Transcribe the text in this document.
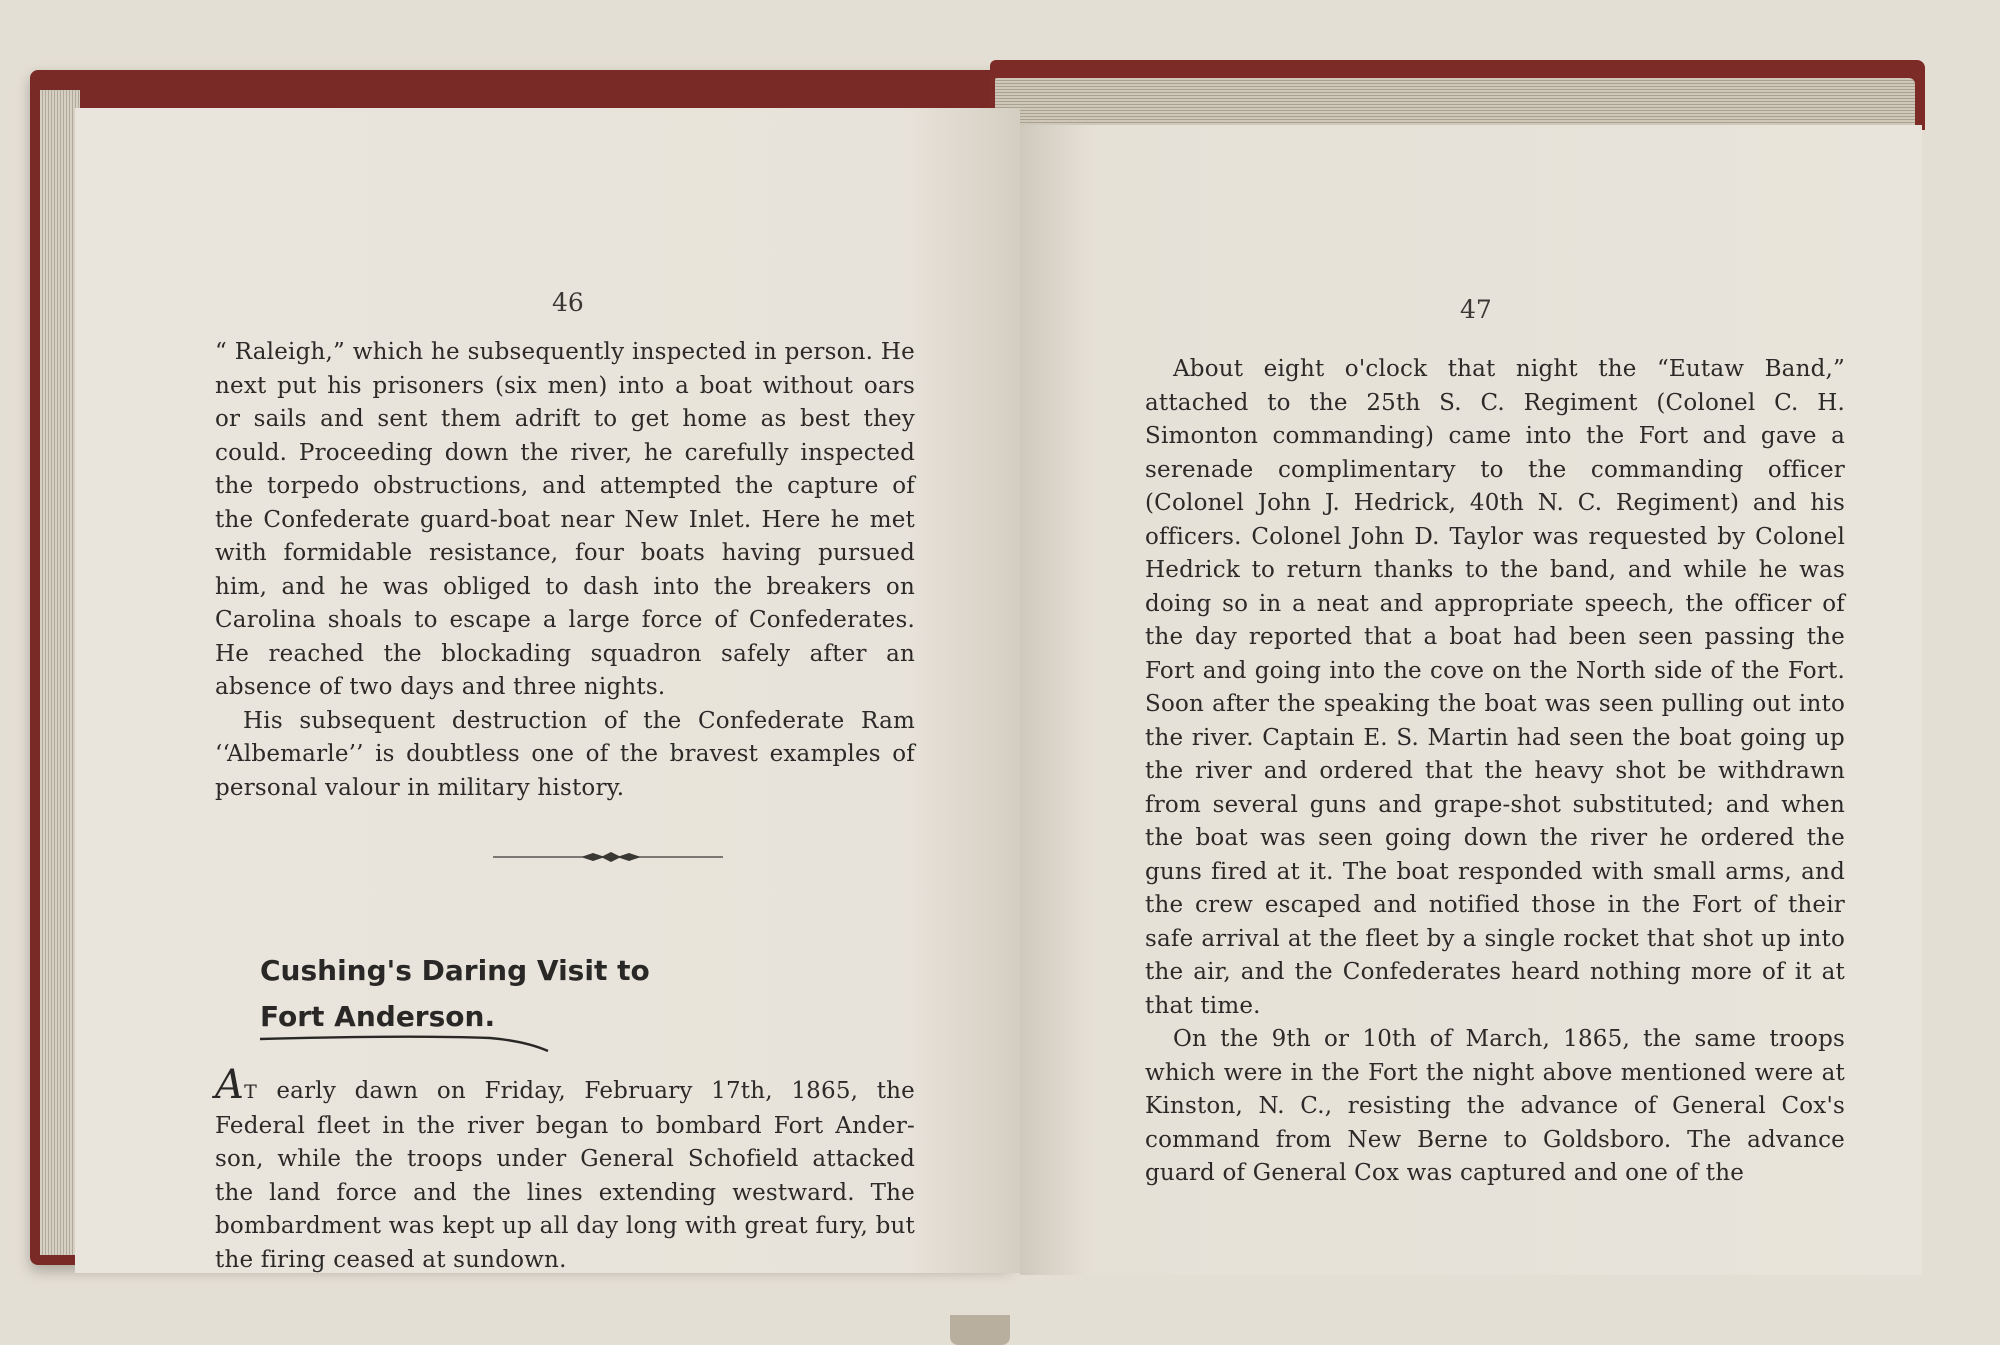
46

“ Raleigh,” which he subsequently inspected in person. He next put his prisoners (six men) into a boat without oars or sails and sent them adrift to get home as best they could. Proceeding down the river, he carefully inspected the torpedo obstructions, and attempted the capture of the Confederate guard-boat near New Inlet. Here he met with formidable resistance, four boats having pursued him, and he was obliged to dash into the breakers on Carolina shoals to escape a large force of Confederates. He reached the blockading squadron safely after an absence of two days and three nights.

His subsequent destruction of the Confederate Ram ‘‘Albemarle’’ is doubtless one of the bravest examples of personal valour in military history.

Cushing's Daring Visit to
Fort Anderson.

AT early dawn on Friday, February 17th, 1865, the Federal fleet in the river began to bombard Fort Ander-son, while the troops under General Schofield attacked the land force and the lines extending westward. The bombardment was kept up all day long with great fury, but the firing ceased at sundown.

47

About eight o'clock that night the “Eutaw Band,” attached to the 25th S. C. Regiment (Colonel C. H. Simonton commanding) came into the Fort and gave a serenade complimentary to the commanding officer (Colonel John J. Hedrick, 40th N. C. Regiment) and his officers. Colonel John D. Taylor was requested by Colonel Hedrick to return thanks to the band, and while he was doing so in a neat and appropriate speech, the officer of the day reported that a boat had been seen passing the Fort and going into the cove on the North side of the Fort. Soon after the speaking the boat was seen pulling out into the river. Captain E. S. Martin had seen the boat going up the river and ordered that the heavy shot be withdrawn from several guns and grape-shot substituted; and when the boat was seen going down the river he ordered the guns fired at it. The boat responded with small arms, and the crew escaped and notified those in the Fort of their safe arrival at the fleet by a single rocket that shot up into the air, and the Confederates heard nothing more of it at that time.

On the 9th or 10th of March, 1865, the same troops which were in the Fort the night above mentioned were at Kinston, N. C., resisting the advance of General Cox's command from New Berne to Goldsboro. The advance guard of General Cox was captured and one of the
